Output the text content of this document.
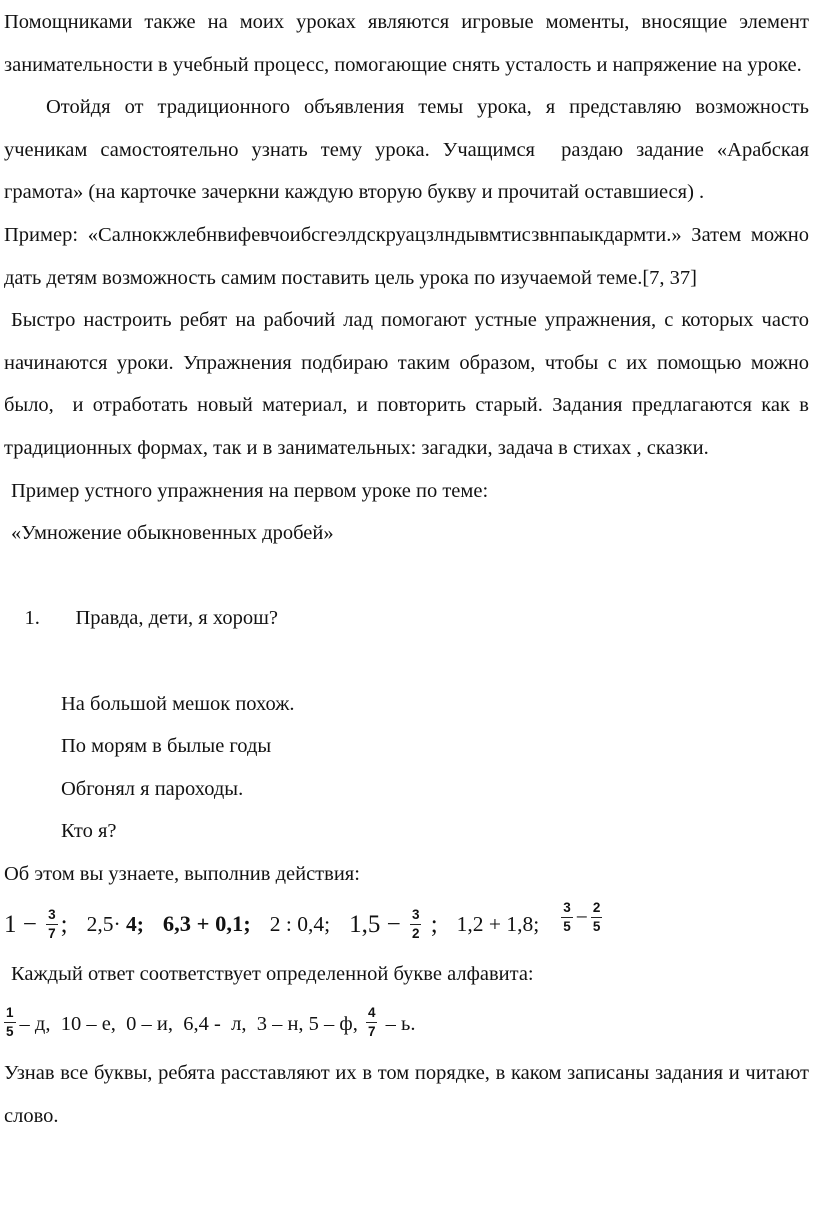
Помощниками также на моих уроках являются игровые моменты, вносящие элемент занимательности в учебный процесс, помогающие снять усталость и напряжение на уроке.

Отойдя от традиционного объявления темы урока, я представляю возможность ученикам самостоятельно узнать тему урока. Учащимся  раздаю задание «Арабская грамота» (на карточке зачеркни каждую вторую букву и прочитай оставшиеся) .

Пример: «Салнокжлебнвифевчоибсгеэлдскруацзлндывмтисзвнпаыкдармти.» Затем можно дать детям возможность самим поставить цель урока по изучаемой теме.[7, 37]

Быстро настроить ребят на рабочий лад помогают устные упражнения, с которых часто начинаются уроки. Упражнения подбираю таким образом, чтобы с их помощью можно было,  и отработать новый материал, и повторить старый. Задания предлагаются как в традиционных формах, так и в занимательных: загадки, задача в стихах , сказки.

Пример устного упражнения на первом уроке по теме:

«Умножение обыкновенных дробей»

1. Правда, дети, я хорош?

На большой мешок похож.

По морям в былые годы

Обгонял я пароходы.

Кто я?

Об этом вы узнаете, выполнив действия:

$1 - \frac{3}{7}$ ; 2,5· 4; 6,3 + 0,1 ; 2 : 0,4; $1,5 - \frac{3}{2}$ ; 1,2 + 1,8; $\frac{3}{5} - \frac{2}{5}$

Каждый ответ соответствует определенной букве алфавита:

$\frac{1}{5}$ – д,  10 – е,  0 – и,  6,4 -  л,  3 – н, 5 – ф, $\frac{4}{7}$ – ь.

Узнав все буквы, ребята расставляют их в том порядке, в каком записаны задания и читают слово.
